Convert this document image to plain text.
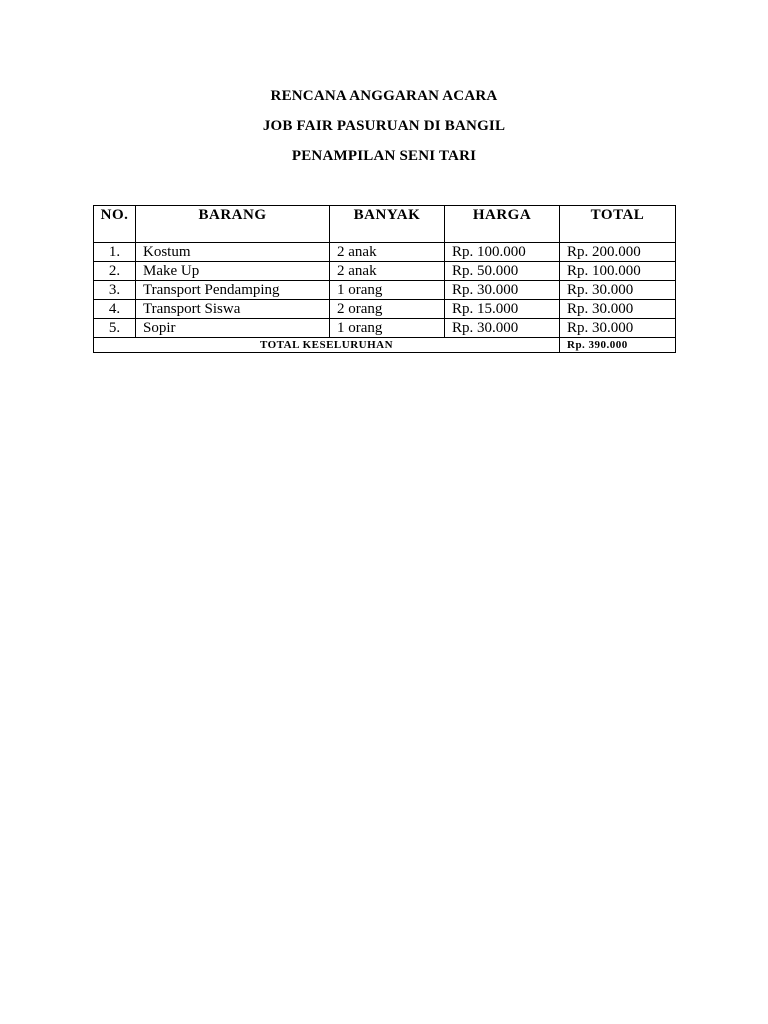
RENCANA ANGGARAN ACARA
JOB FAIR PASURUAN DI BANGIL
PENAMPILAN SENI TARI
NO.	BARANG	BANYAK	HARGA	TOTAL
1.	Kostum	2 anak	Rp. 100.000	Rp. 200.000
2.	Make Up	2 anak	Rp. 50.000	Rp. 100.000
3.	Transport Pendamping	1 orang	Rp. 30.000	Rp. 30.000
4.	Transport Siswa	2 orang	Rp. 15.000	Rp. 30.000
5.	Sopir	1 orang	Rp. 30.000	Rp. 30.000
TOTAL KESELURUHAN				Rp. 390.000
